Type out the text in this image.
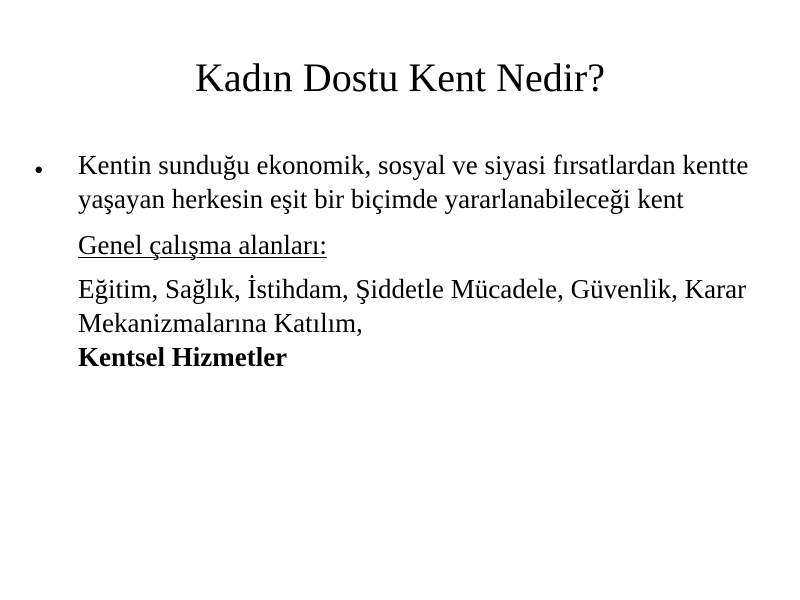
Kadın Dostu Kent Nedir?
• Kentin sunduğu ekonomik, sosyal ve siyasi fırsatlardan kentte yaşayan herkesin eşit bir biçimde yararlanabileceği kent

Genel çalışma alanları:

Eğitim, Sağlık, İstihdam, Şiddetle Mücadele, Güvenlik, Karar Mekanizmalarına Katılım,
Kentsel Hizmetler
